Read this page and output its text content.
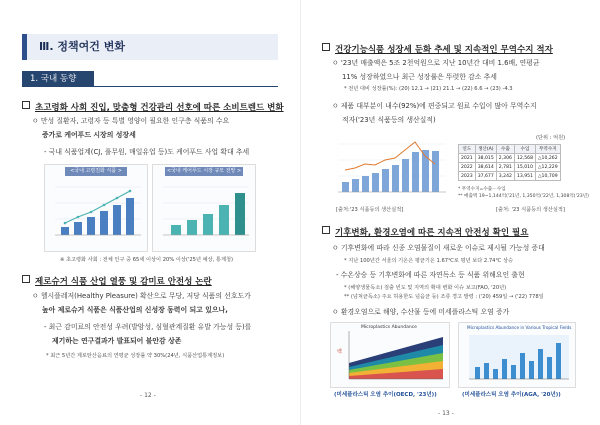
Ⅲ. 정책여건 변화
1. 국내 동향
초고령화 사회 진입, 맞춤형 건강관리 선호에 따른 소비트렌드 변화
ㅇ 만성 질환자, 고령자 등 특별 영양이 필요한 인구층 식품의 수요
증가로 케어푸드 시장의 성장세
- 국내 식품업계(CJ, 풀무원, 매일유업 등)도 케어푸드 사업 확대 추세
<국내 고령친화 식품 >	<국내 케어푸드 시장 규모 전망 >
※ 초고령화 사회 : 전체 인구 중 65세 이상이 20% 이상('25년 예상, 통계청)
제로슈거 식품 산업 열풍 및 감미료 안전성 논란
ㅇ 헬시플레저(Healthy Pleasure) 확산으로 무당, 저당 식품의 선호도가
높아 제로슈거 식품은 식품산업의 신성장 동력이 되고 있으나,
- 최근 감미료의 안전성 우려(발암성, 심혈관계질환 유발 가능성 등)를
제기하는 연구결과가 발표되어 불안감 상존
* 최근 5년간 제로탄산음료의 연평균 성장률 약 30%(24년, 식품산업통계정보)
- 12 -
건강기능식품 성장세 둔화 추세 및 지속적인 무역수지 적자
ㅇ '23년 매출액은 5조 2천억원으로 지난 10년간 대비 1.6배, 연평균
11% 성장하였으나 최근 성장률은 뚜렷한 감소 추세
* 전년 대비 성장률(%): (20) 12.1 → (21) 21.1 → (22) 6.6 → (23) -4.3
ㅇ 제품 대부분이 내수(92%)에 편중되고 원료 수입이 많아 무역수지
적자('23년 식품등의 생산실적)
[출처:'23 식품등의 생산실적]
(단위 : 억원)
연도	생산(A)	수출	수입	무역수지
2021	38,015	2,306	12,568	△10,262
2022	38,614	2,781	15,010	△12,229
2023	37,677	3,242	13,951	△10,709
* 무역수지=수출－수입
** 매출액 19~1,144억('21년, 1,350억('22년, 1,308억('23년)
[출처: '23 식품등의 생산실적]
기후변화, 환경오염에 따른 지속적 안전성 확인 필요
ㅇ 기후변화에 따라 신종 오염물질이 새로운 이슈로 제시될 가능성 증대
* 지난 100년간 서울의 기온은 평균기온 1.67℃로 평년 보다 2.74℃ 상승
- 수온상승 등 기후변화에 따른 자연독소 등 식품 위해요인 출현
* (해양생물독소) 검출 빈도 및 지역의 확대 변화 이슈 보고(FAO, '20년)
** (넘쳐균독소) 주요 허용한도 넘음균 등) 조류 경고 발령 : ('20) 459일 → ('22) 778일
ㅇ 환경오염으로 해양, 수산물 등에 미세플라스틱 오염 증가
Microplastics Abundance
백
Microplastics Abundance in Various Tropical Fields
(미세플라스틱 오염 추이(OECD, '23년))	(미세플라스틱 오염 추이(AGA, '20년))
- 13 -
